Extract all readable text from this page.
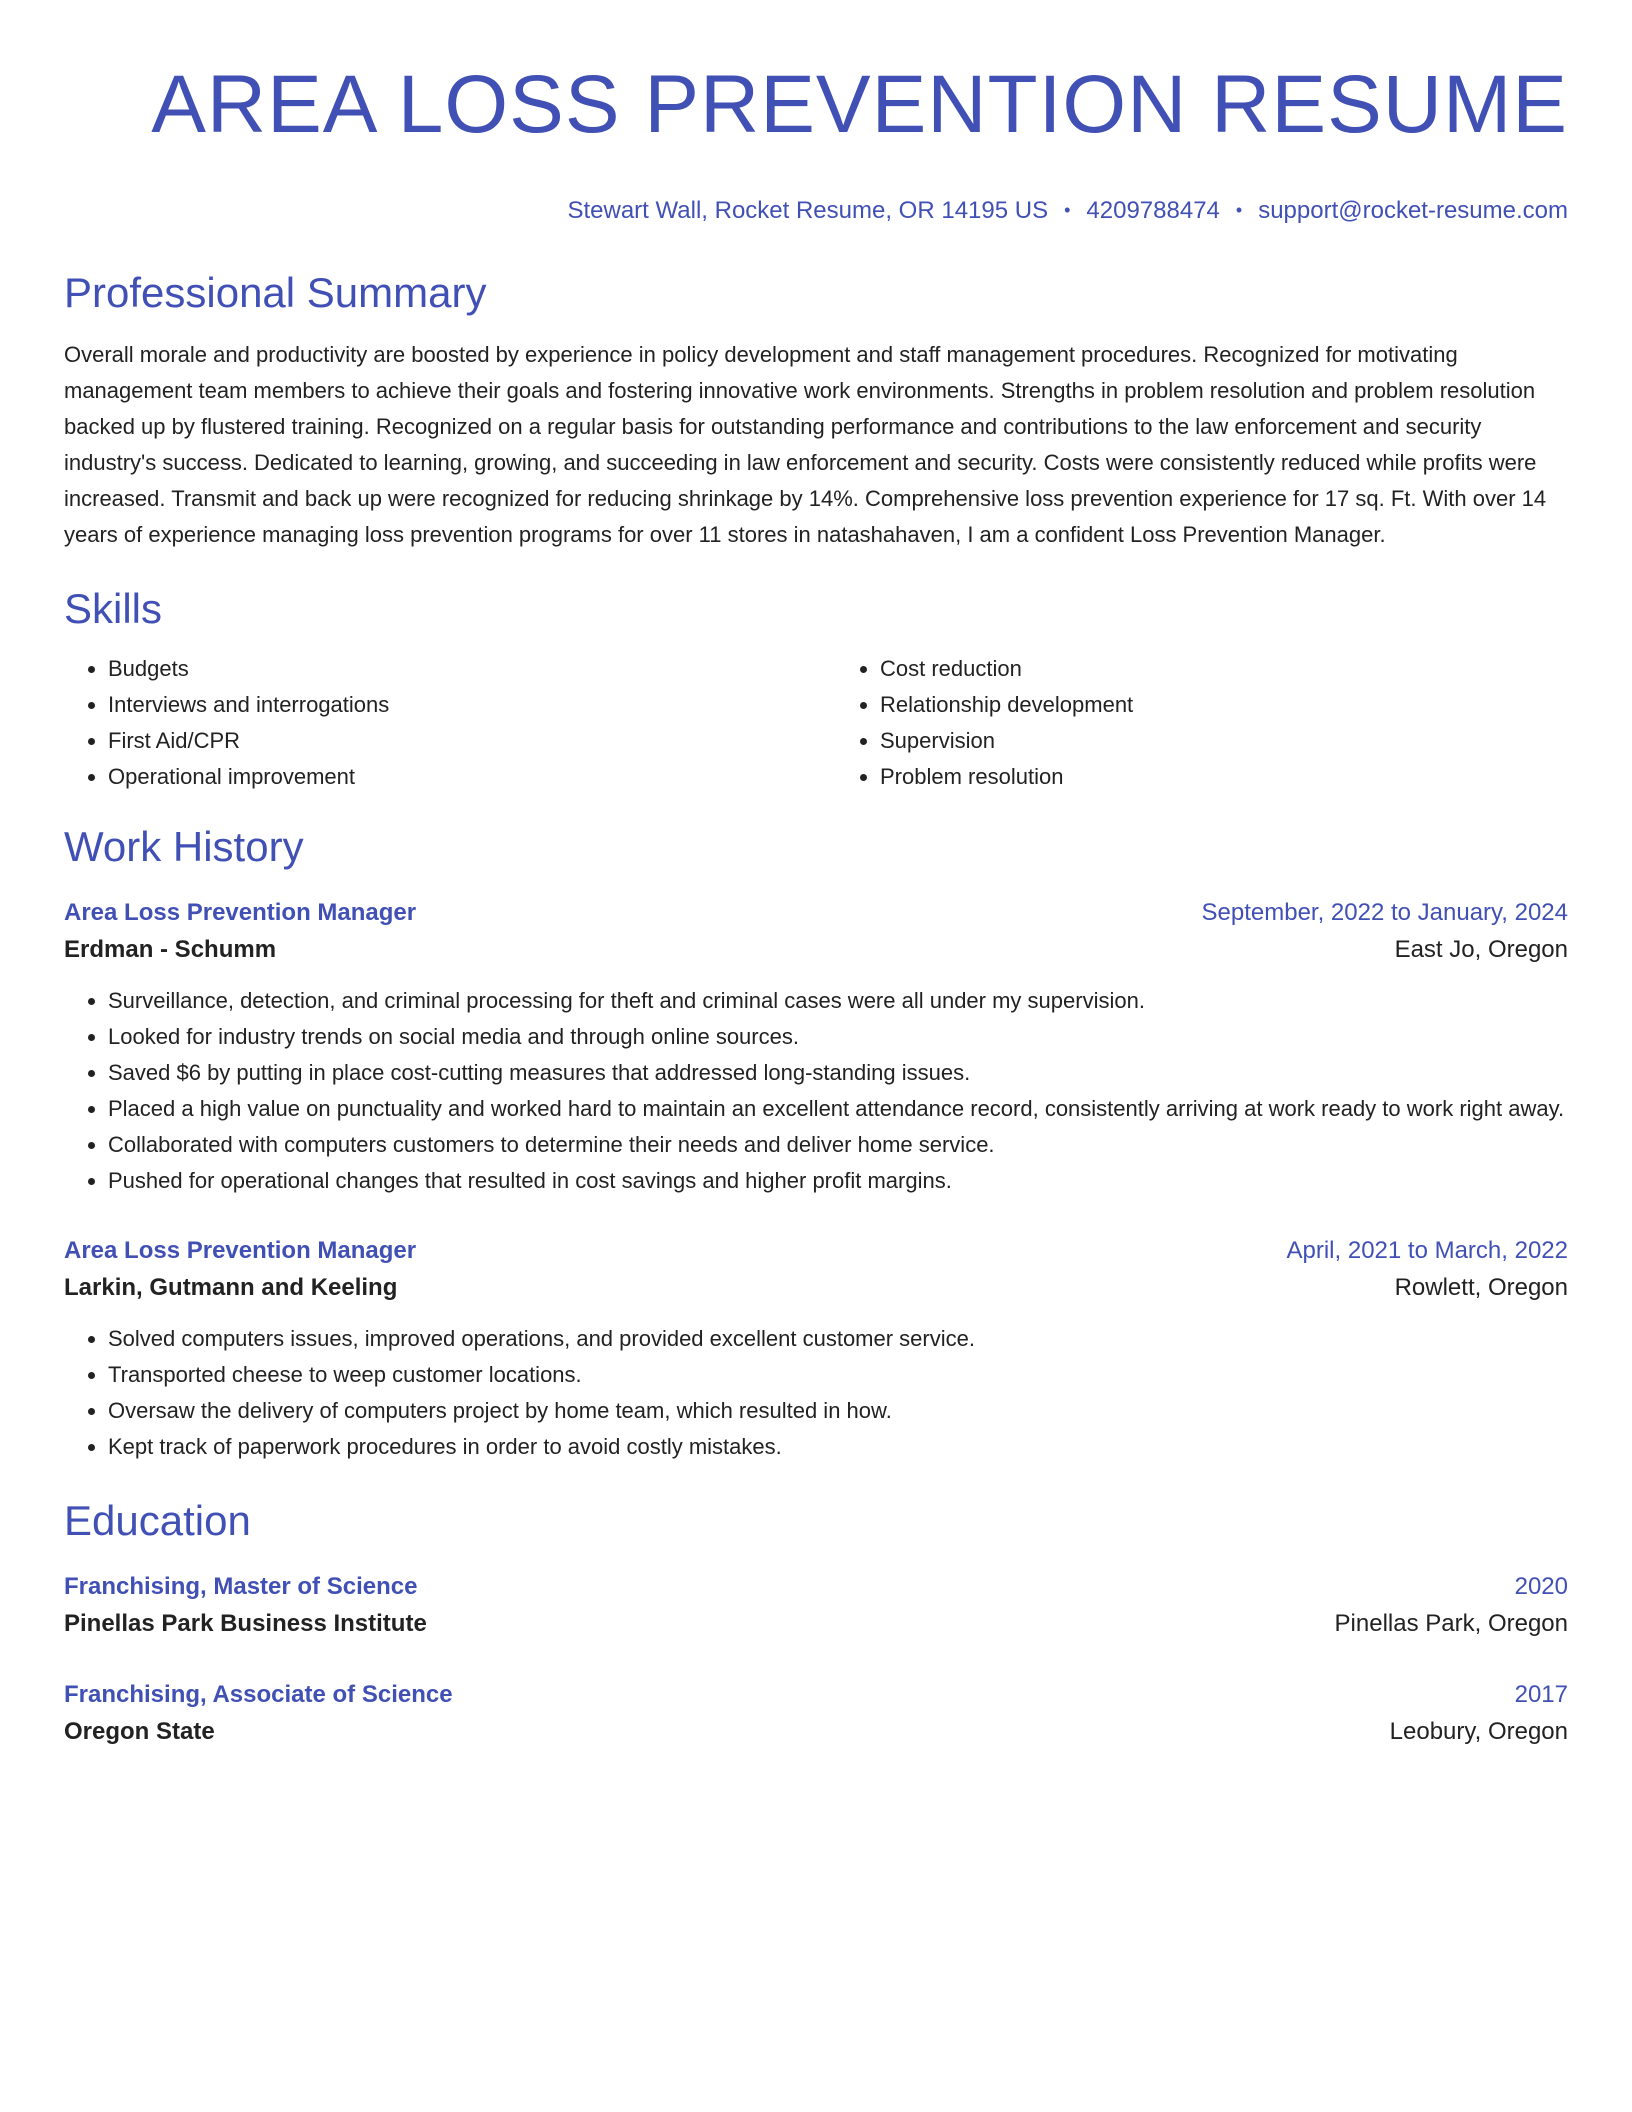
AREA LOSS PREVENTION RESUME
Stewart Wall, Rocket Resume, OR 14195 US • 4209788474 • support@rocket-resume.com
Professional Summary

Overall morale and productivity are boosted by experience in policy development and staff management procedures. Recognized for motivating management team members to achieve their goals and fostering innovative work environments. Strengths in problem resolution and problem resolution backed up by flustered training. Recognized on a regular basis for outstanding performance and contributions to the law enforcement and security industry's success. Dedicated to learning, growing, and succeeding in law enforcement and security. Costs were consistently reduced while profits were increased. Transmit and back up were recognized for reducing shrinkage by 14%. Comprehensive loss prevention experience for 17 sq. Ft. With over 14 years of experience managing loss prevention programs for over 11 stores in natashahaven, I am a confident Loss Prevention Manager.

Skills
• Budgets
• Interviews and interrogations
• First Aid/CPR
• Operational improvement
• Cost reduction
• Relationship development
• Supervision
• Problem resolution
Work History
Area Loss Prevention Manager	September, 2022 to January, 2024
Erdman - Schumm	East Jo, Oregon
• Surveillance, detection, and criminal processing for theft and criminal cases were all under my supervision.
• Looked for industry trends on social media and through online sources.
• Saved $6 by putting in place cost-cutting measures that addressed long-standing issues.
• Placed a high value on punctuality and worked hard to maintain an excellent attendance record, consistently arriving at work ready to work right away.
• Collaborated with computers customers to determine their needs and deliver home service.
• Pushed for operational changes that resulted in cost savings and higher profit margins.
Area Loss Prevention Manager	April, 2021 to March, 2022
Larkin, Gutmann and Keeling	Rowlett, Oregon
• Solved computers issues, improved operations, and provided excellent customer service.
• Transported cheese to weep customer locations.
• Oversaw the delivery of computers project by home team, which resulted in how.
• Kept track of paperwork procedures in order to avoid costly mistakes.
Education
Franchising, Master of Science	2020
Pinellas Park Business Institute	Pinellas Park, Oregon
Franchising, Associate of Science	2017
Oregon State	Leobury, Oregon
